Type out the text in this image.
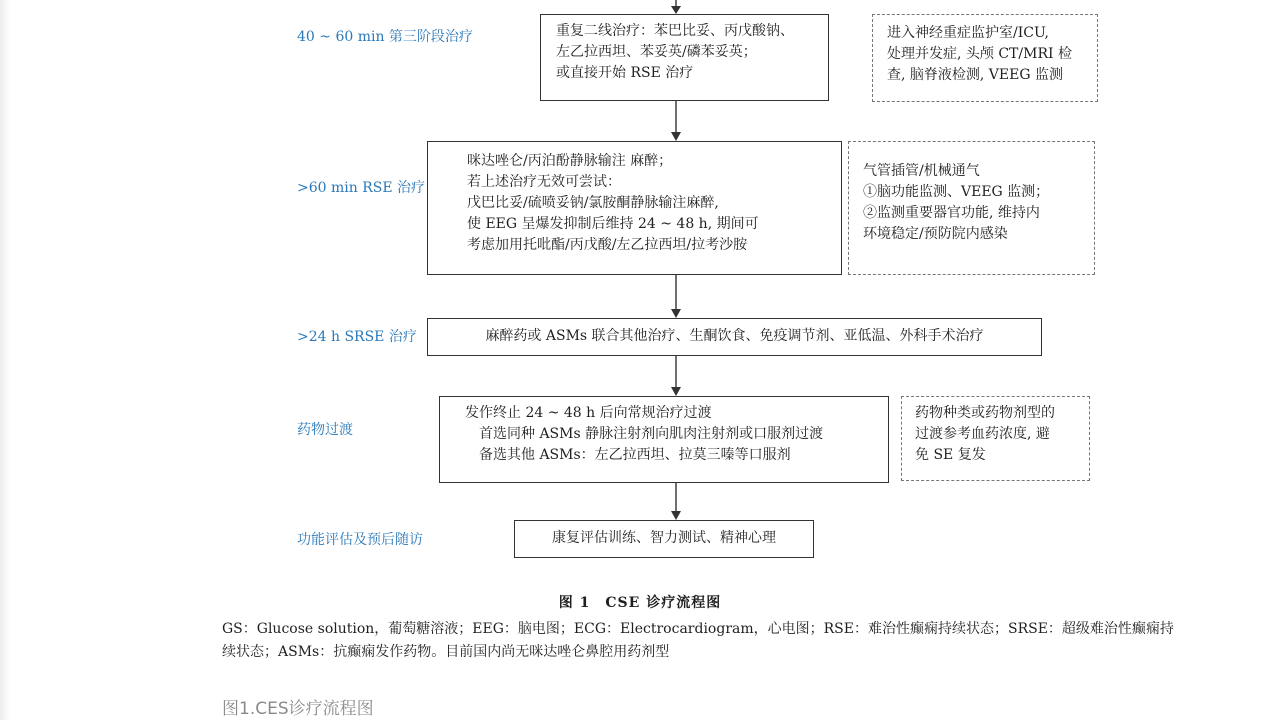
40 ~ 60 min 第三阶段治疗
>60 min RSE 治疗
>24 h SRSE 治疗
药物过渡
功能评估及预后随访
重复二线治疗：苯巴比妥、丙戊酸钠、
左乙拉西坦、苯妥英/磷苯妥英；
或直接开始 RSE 治疗
咪达唑仑/丙泊酚静脉输注 麻醉；
若上述治疗无效可尝试：
戊巴比妥/硫喷妥钠/氯胺酮静脉输注麻醉,
使 EEG 呈爆发抑制后维持 24 ~ 48 h, 期间可
考虑加用托吡酯/丙戊酸/左乙拉西坦/拉考沙胺
麻醉药或 ASMs 联合其他治疗、生酮饮食、免疫调节剂、亚低温、外科手术治疗
发作终止 24 ~ 48 h 后向常规治疗过渡
首选同种 ASMs 静脉注射剂向肌肉注射剂或口服剂过渡
备选其他 ASMs：左乙拉西坦、拉莫三嗪等口服剂
康复评估训练、智力测试、精神心理
进入神经重症监护室/ICU,
处理并发症, 头颅 CT/MRI 检
查, 脑脊液检测, VEEG 监测
气管插管/机械通气
①脑功能监测、VEEG 监测；
②监测重要器官功能, 维持内
环境稳定/预防院内感染
药物种类或药物剂型的
过渡参考血药浓度, 避
免 SE 复发
图 1　CSE 诊疗流程图
GS：Glucose solution，葡萄糖溶液；EEG：脑电图；ECG：Electrocardiogram，心电图；RSE：难治性癫痫持续状态；SRSE：超级难治性癫痫持续状态；ASMs：抗癫痫发作药物。目前国内尚无咪达唑仑鼻腔用药剂型
图1.CES诊疗流程图
